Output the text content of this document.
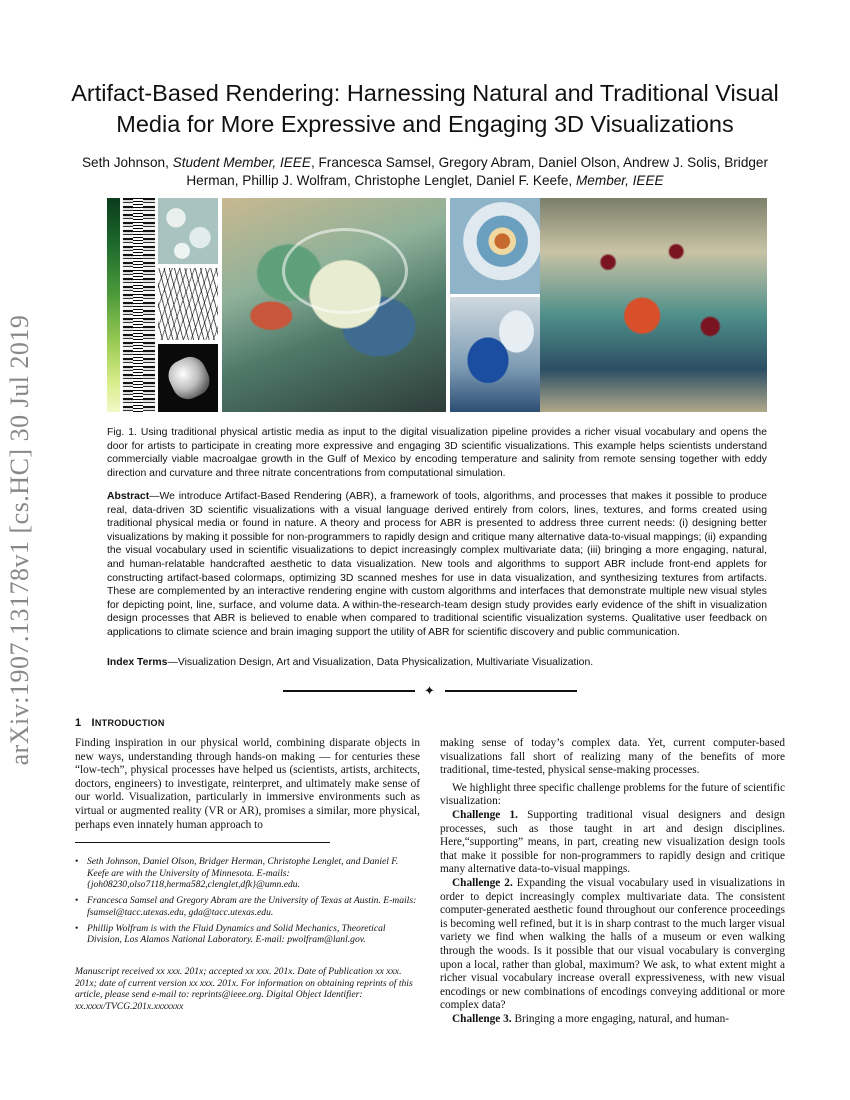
arXiv:1907.13178v1 [cs.HC] 30 Jul 2019
Artifact-Based Rendering: Harnessing Natural and Traditional Visual Media for More Expressive and Engaging 3D Visualizations
Seth Johnson, Student Member, IEEE, Francesca Samsel, Gregory Abram, Daniel Olson, Andrew J. Solis, Bridger Herman, Phillip J. Wolfram, Christophe Lenglet, Daniel F. Keefe, Member, IEEE
Fig. 1. Using traditional physical artistic media as input to the digital visualization pipeline provides a richer visual vocabulary and opens the door for artists to participate in creating more expressive and engaging 3D scientific visualizations. This example helps scientists understand commercially viable macroalgae growth in the Gulf of Mexico by encoding temperature and salinity from remote sensing together with eddy direction and curvature and three nitrate concentrations from computational simulation.
Abstract—We introduce Artifact-Based Rendering (ABR), a framework of tools, algorithms, and processes that makes it possible to produce real, data-driven 3D scientific visualizations with a visual language derived entirely from colors, lines, textures, and forms created using traditional physical media or found in nature. A theory and process for ABR is presented to address three current needs: (i) designing better visualizations by making it possible for non-programmers to rapidly design and critique many alternative data-to-visual mappings; (ii) expanding the visual vocabulary used in scientific visualizations to depict increasingly complex multivariate data; (iii) bringing a more engaging, natural, and human-relatable handcrafted aesthetic to data visualization. New tools and algorithms to support ABR include front-end applets for constructing artifact-based colormaps, optimizing 3D scanned meshes for use in data visualization, and synthesizing textures from artifacts. These are complemented by an interactive rendering engine with custom algorithms and interfaces that demonstrate multiple new visual styles for depicting point, line, surface, and volume data. A within-the-research-team design study provides early evidence of the shift in visualization design processes that ABR is believed to enable when compared to traditional scientific visualization systems. Qualitative user feedback on applications to climate science and brain imaging support the utility of ABR for scientific discovery and public communication.
Index Terms—Visualization Design, Art and Visualization, Data Physicalization, Multivariate Visualization.
✦
1 INTRODUCTION

Finding inspiration in our physical world, combining disparate objects in new ways, understanding through hands-on making — for centuries these “low-tech”, physical processes have helped us (scientists, artists, architects, doctors, engineers) to investigate, reinterpret, and ultimately make sense of our world. Visualization, particularly in immersive environments such as virtual or augmented reality (VR or AR), promises a similar, more physical, perhaps even innately human approach to

making sense of today’s complex data. Yet, current computer-based visualizations fall short of realizing many of the benefits of more traditional, time-tested, physical sense-making processes.

We highlight three specific challenge problems for the future of scientific visualization:

Challenge 1. Supporting traditional visual designers and design processes, such as those taught in art and design disciplines. Here,“supporting” means, in part, creating new visualization design tools that make it possible for non-programmers to rapidly design and critique many alternative data-to-visual mappings.

Challenge 2. Expanding the visual vocabulary used in visualizations in order to depict increasingly complex multivariate data. The consistent computer-generated aesthetic found throughout our conference proceedings is becoming well refined, but it is in sharp contrast to the much larger visual variety we find when walking the halls of a museum or even walking through the woods. Is it possible that our visual vocabulary is converging upon a local, rather than global, maximum? We ask, to what extent might a richer visual vocabulary increase overall expressiveness, with new visual encodings or new combinations of encodings conveying additional or more complex data?

Challenge 3. Bringing a more engaging, natural, and human-

• Seth Johnson, Daniel Olson, Bridger Herman, Christophe Lenglet, and Daniel F. Keefe are with the University of Minnesota. E-mails: {joh08230,olso7118,herma582,clenglet,dfk}@umn.edu.
• Francesca Samsel and Gregory Abram are the University of Texas at Austin. E-mails: fsamsel@tacc.utexas.edu, gda@tacc.utexas.edu.
• Phillip Wolfram is with the Fluid Dynamics and Solid Mechanics, Theoretical Division, Los Alamos National Laboratory. E-mail: pwolfram@lanl.gov.
Manuscript received xx xxx. 201x; accepted xx xxx. 201x. Date of Publication xx xxx. 201x; date of current version xx xxx. 201x. For information on obtaining reprints of this article, please send e-mail to: reprints@ieee.org. Digital Object Identifier: xx.xxxx/TVCG.201x.xxxxxxx
